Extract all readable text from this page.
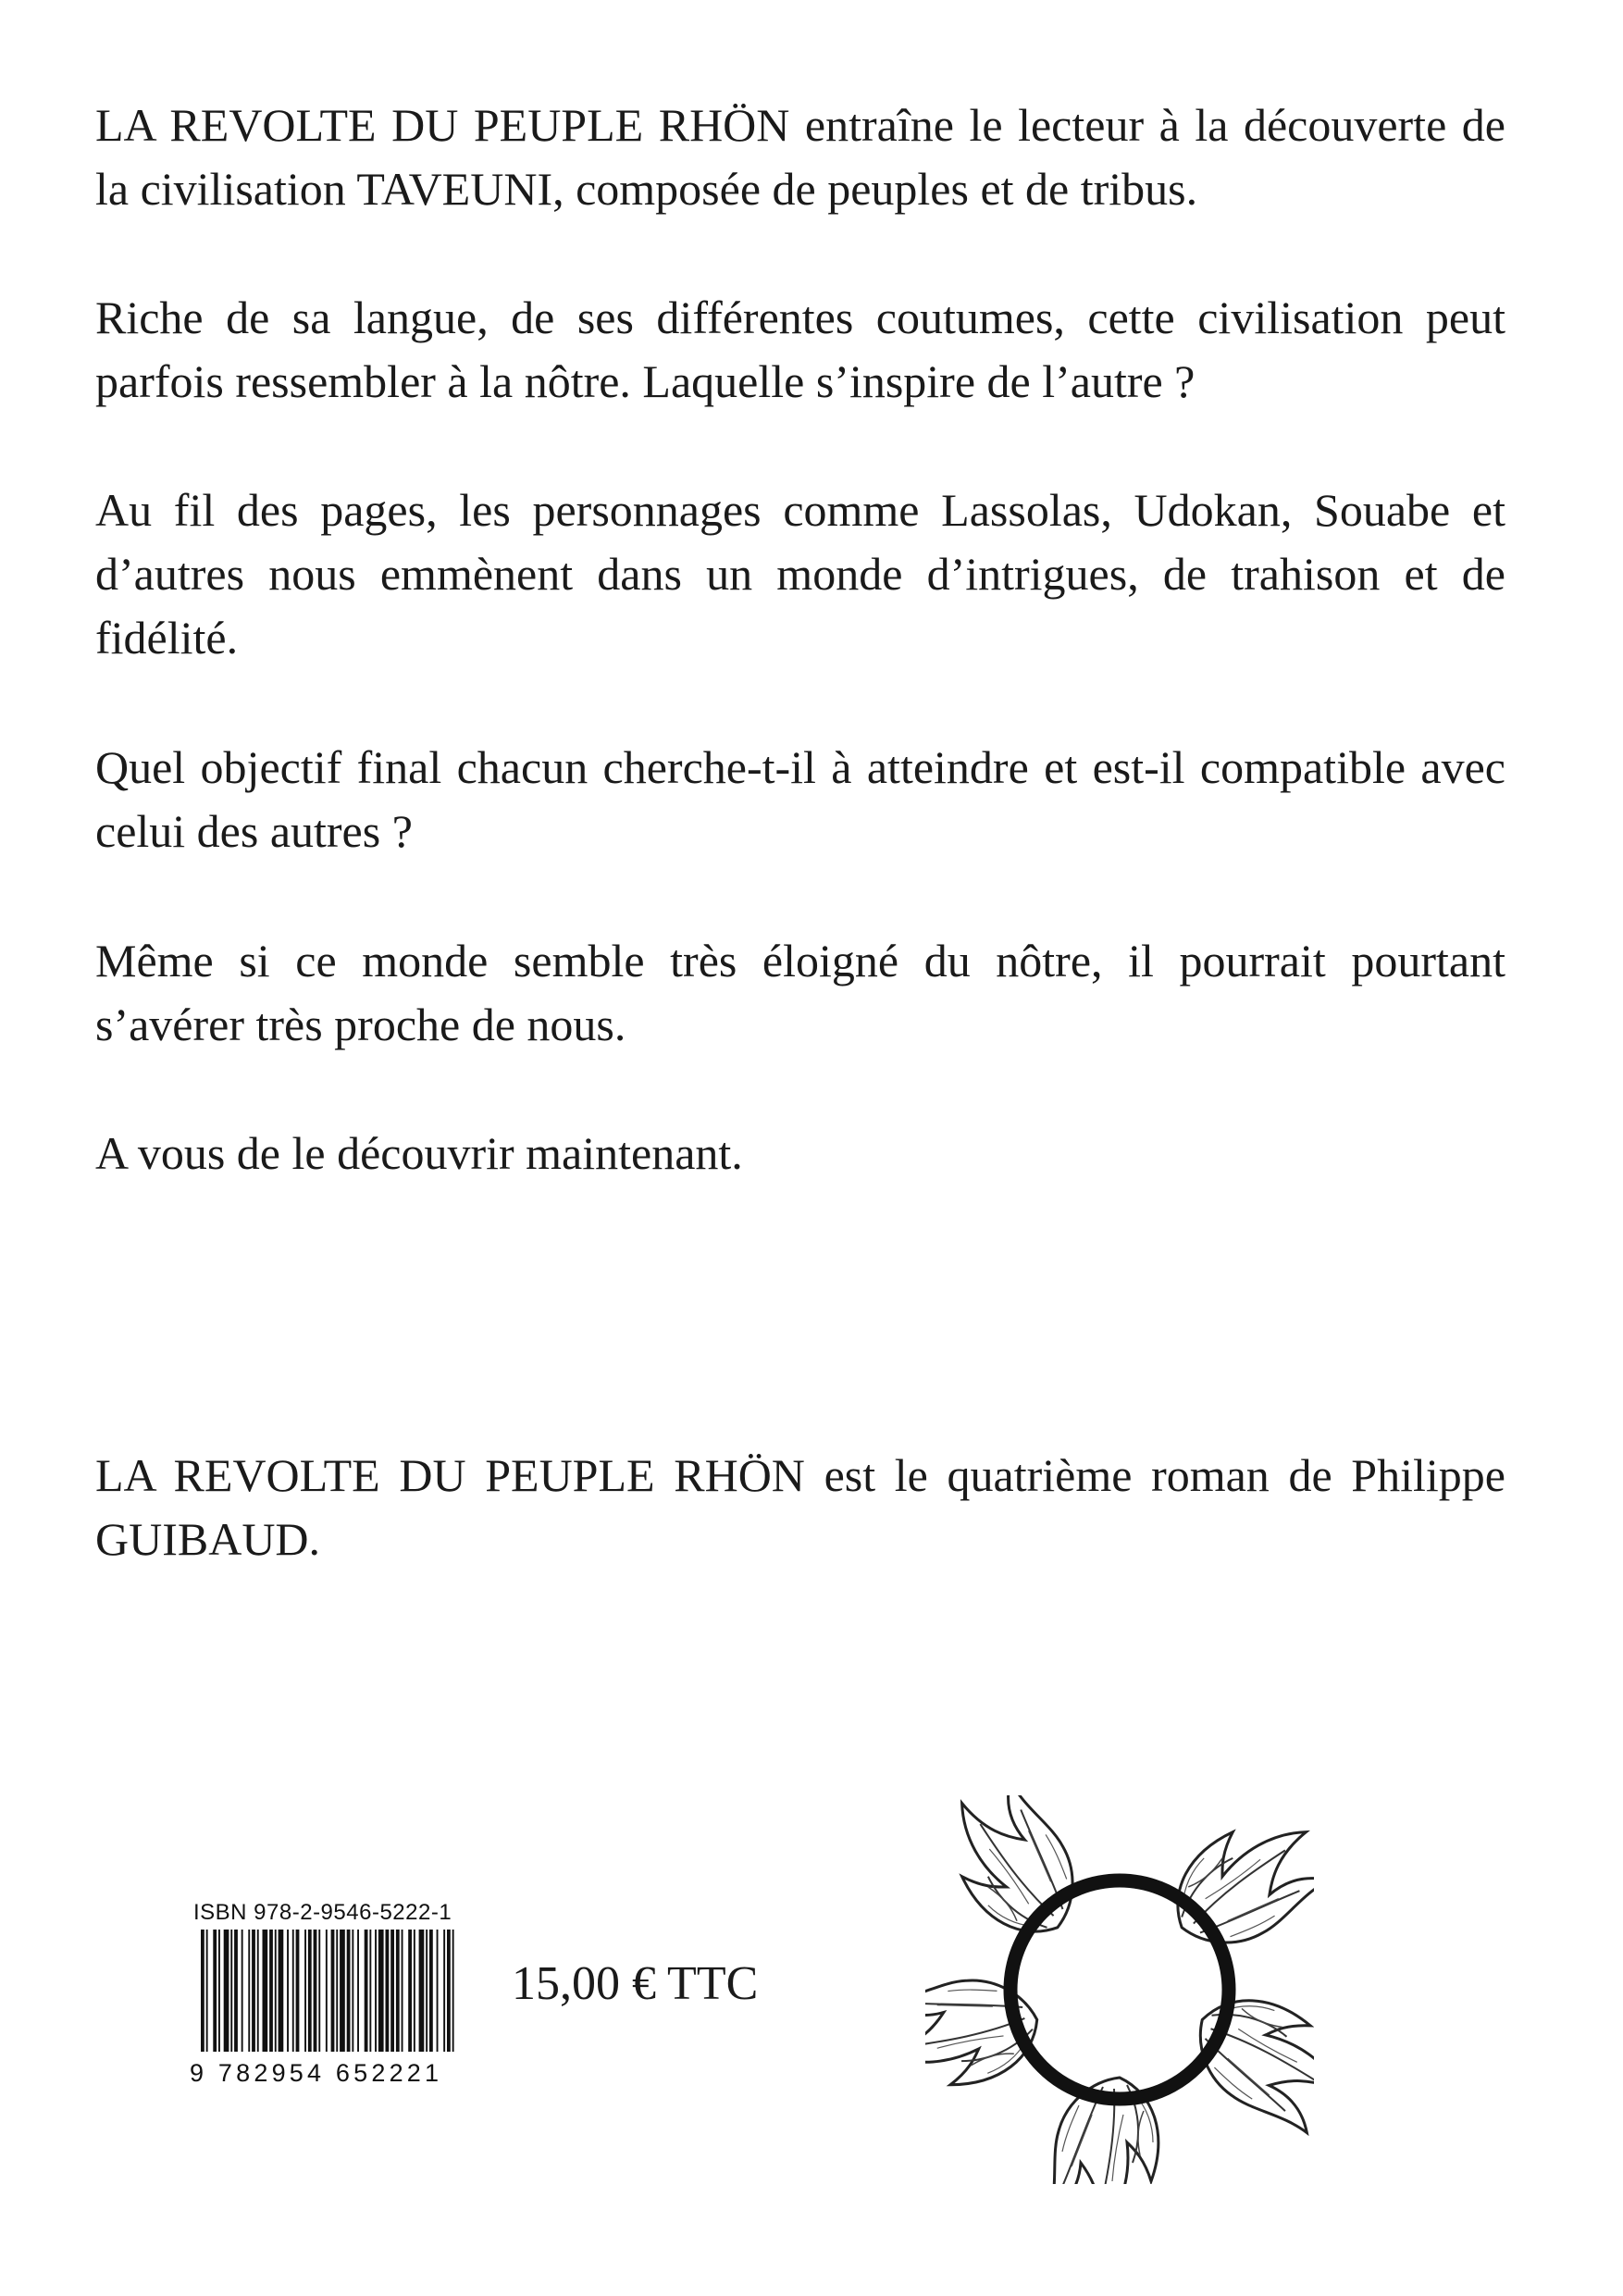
LA REVOLTE DU PEUPLE RHÖN entraîne le lecteur à la découverte de la civilisation TAVEUNI, composée de peuples et de tribus.

Riche de sa langue, de ses différentes coutumes, cette civilisation peut parfois ressembler à la nôtre. Laquelle s’inspire de l’autre ?

Au fil des pages, les personnages comme Lassolas, Udokan, Souabe et d’autres nous emmènent dans un monde d’intrigues, de trahison et de fidélité.

Quel objectif final chacun cherche-t-il à atteindre et est-il compatible avec celui des autres ?

Même si ce monde semble très éloigné du nôtre, il pourrait pourtant s’avérer très proche de nous.

A vous de le découvrir maintenant.

LA REVOLTE DU PEUPLE RHÖN est le quatrième roman de Philippe GUIBAUD.

ISBN 978-2-9546-5222-1
9 782954 652221
15,00 € TTC
